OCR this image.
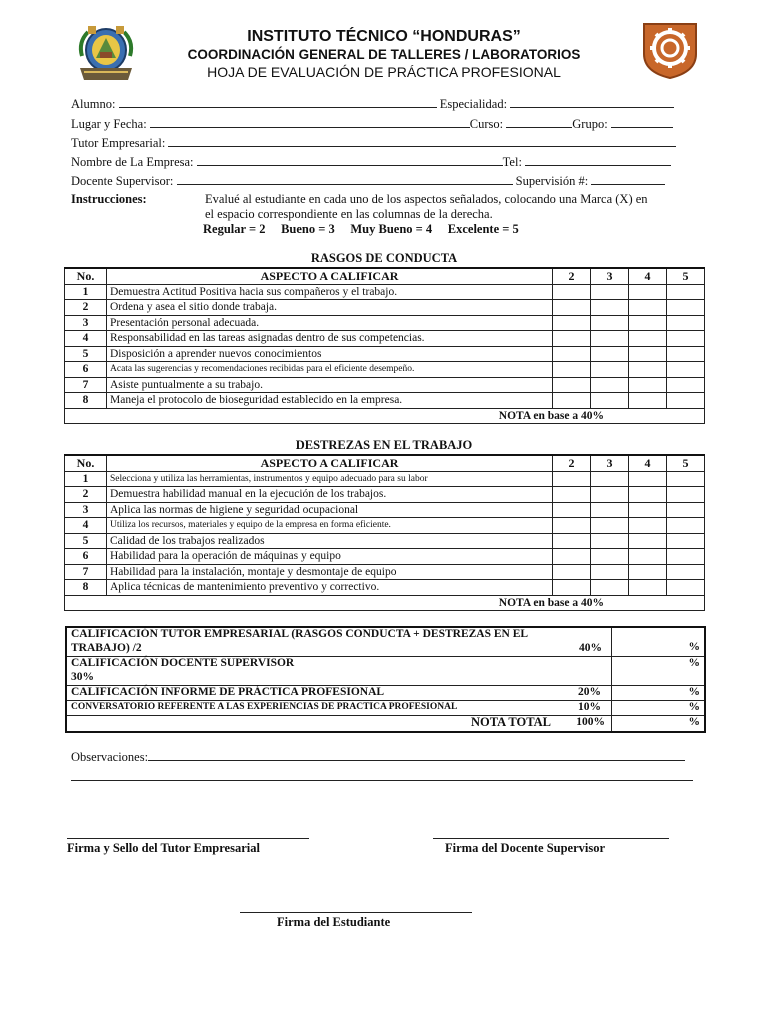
INSTITUTO TÉCNICO “HONDURAS”
COORDINACIÓN GENERAL DE TALLERES / LABORATORIOS
HOJA DE EVALUACIÓN DE PRÁCTICA PROFESIONAL
Alumno:	Especialidad:
Lugar y Fecha:	Curso:	Grupo:
Tutor Empresarial:
Nombre de La Empresa:	Tel:
Docente Supervisor:	Supervisión #:
Instrucciones:	Evalué al estudiante en cada uno de los aspectos señalados, colocando una Marca (X) en
el espacio correspondiente en las columnas de la derecha.
Regular = 2     Bueno = 3     Muy Bueno = 4     Excelente = 5
RASGOS DE CONDUCTA
No.	ASPECTO A CALIFICAR	2	3	4	5
1	Demuestra Actitud Positiva hacia sus compañeros y el trabajo.				
2	Ordena y asea el sitio donde trabaja.				
3	Presentación personal adecuada.				
4	Responsabilidad en las tareas asignadas dentro de sus competencias.				
5	Disposición a aprender nuevos conocimientos				
6	Acata las sugerencias y recomendaciones recibidas para el eficiente desempeño.				
7	Asiste puntualmente a su trabajo.				
8	Maneja el protocolo de bioseguridad establecido en la empresa.				
NOTA en base a 40%					
DESTREZAS EN EL TRABAJO
No.	ASPECTO A CALIFICAR	2	3	4	5
1	Selecciona y utiliza las herramientas, instrumentos y equipo adecuado para su labor				
2	Demuestra habilidad manual en la ejecución de los trabajos.				
3	Aplica las normas de higiene y seguridad ocupacional				
4	Utiliza los recursos, materiales y equipo de la empresa en forma eficiente.				
5	Calidad de los trabajos realizados				
6	Habilidad para la operación de máquinas y equipo				
7	Habilidad para la instalación, montaje y desmontaje de equipo				
8	Aplica técnicas de mantenimiento preventivo y correctivo.				
NOTA en base a 40%					
CALIFICACIÓN TUTOR EMPRESARIAL (RASGOS CONDUCTA + DESTREZAS EN EL
TRABAJO) /2 40%	%

CALIFICACIÓN DOCENTE SUPERVISOR
30%	%

CALIFICACIÓN INFORME DE PRÁCTICA PROFESIONAL 20%	%
CONVERSATORIO REFERENTE A LAS EXPERIENCIAS DE PRACTICA PROFESIONAL 10%	%

NOTA TOTAL 100%	%
Observaciones:
Firma y Sello del Tutor Empresarial	Firma del Docente Supervisor
Firma del Estudiante
